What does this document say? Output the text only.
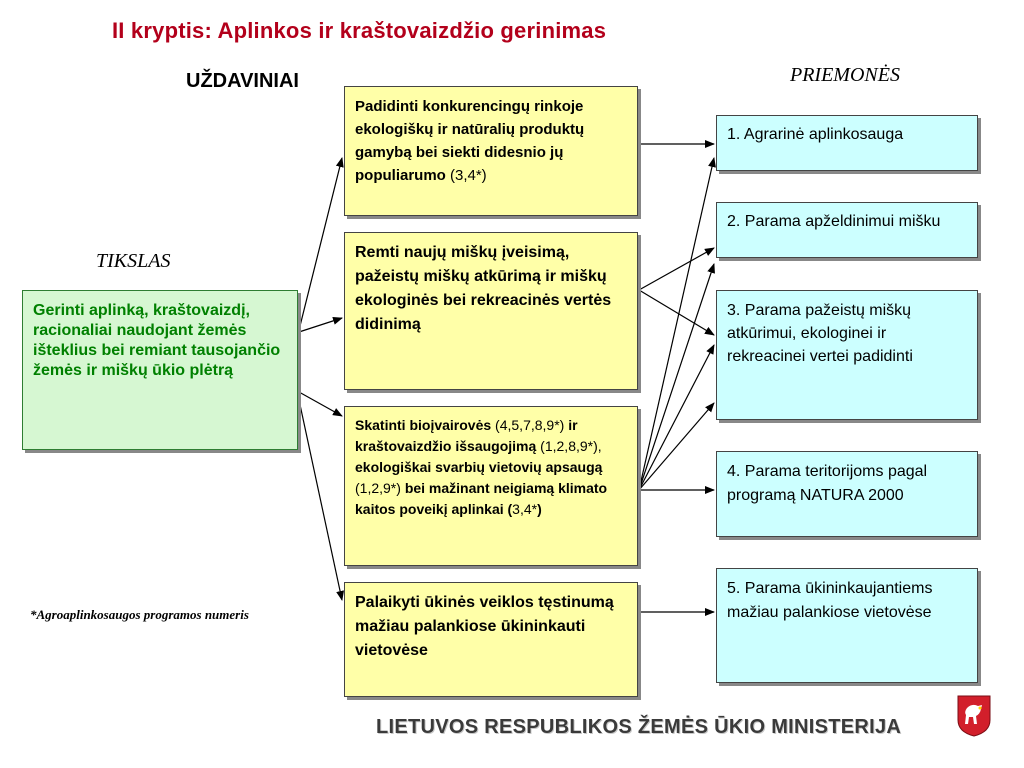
II kryptis: Aplinkos ir kraštovaizdžio gerinimas
UŽDAVINIAI	PRIEMONĖS
TIKSLAS
Gerinti aplinką, kraštovaizdį, racionaliai naudojant žemės išteklius bei remiant tausojančio žemės ir miškų ūkio plėtrą
Padidinti konkurencingų rinkoje ekologiškų ir natūralių produktų gamybą bei siekti didesnio jų populiarumo (3,4*)
Remti naujų miškų įveisimą, pažeistų miškų atkūrimą ir miškų ekologinės bei rekreacinės vertės didinimą
Skatinti bioįvairovės (4,5,7,8,9*) ir kraštovaizdžio išsaugojimą (1,2,8,9*), ekologiškai svarbių vietovių apsaugą (1,2,9*) bei mažinant neigiamą klimato kaitos poveikį aplinkai (3,4*)
Palaikyti ūkinės veiklos tęstinumą mažiau palankiose ūkininkauti vietovėse
1. Agrarinė aplinkosauga
2. Parama apželdinimui mišku
3. Parama pažeistų miškų atkūrimui, ekologinei ir rekreacinei vertei padidinti
4. Parama teritorijoms pagal programą NATURA 2000
5. Parama ūkininkaujantiems mažiau palankiose vietovėse
*Agroaplinkosaugos programos numeris
LIETUVOS RESPUBLIKOS ŽEMĖS ŪKIO MINISTERIJA
